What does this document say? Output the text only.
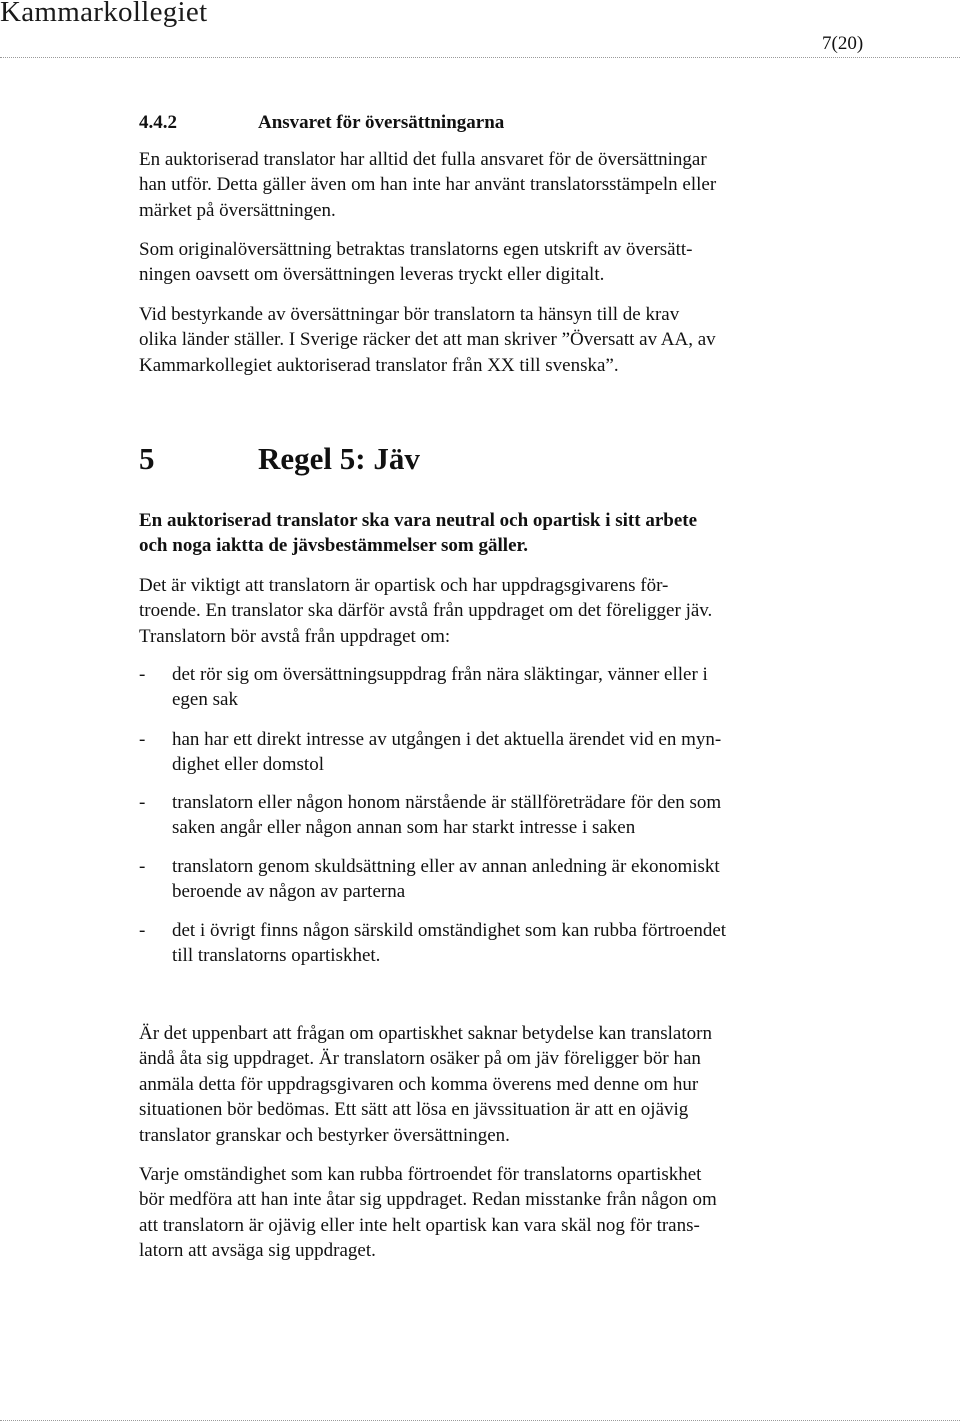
Kammarkollegiet
7(20)
4.4.2	Ansvaret för översättningarna

En auktoriserad translator har alltid det fulla ansvaret för de översättningar
han utför. Detta gäller även om han inte har använt translatorsstämpeln eller
märket på översättningen.

Som originalöversättning betraktas translatorns egen utskrift av översätt-
ningen oavsett om översättningen leveras tryckt eller digitalt.

Vid bestyrkande av översättningar bör translatorn ta hänsyn till de krav
olika länder ställer. I Sverige räcker det att man skriver ”Översatt av AA, av
Kammarkollegiet auktoriserad translator från XX till svenska”.

5	Regel 5: Jäv

En auktoriserad translator ska vara neutral och opartisk i sitt arbete
och noga iaktta de jävsbestämmelser som gäller.

Det är viktigt att translatorn är opartisk och har uppdragsgivarens för-
troende. En translator ska därför avstå från uppdraget om det föreligger jäv.
Translatorn bör avstå från uppdraget om:

- det rör sig om översättningsuppdrag från nära släktingar, vänner eller i
egen sak
- han har ett direkt intresse av utgången i det aktuella ärendet vid en myn-
dighet eller domstol
- translatorn eller någon honom närstående är ställföreträdare för den som
saken angår eller någon annan som har starkt intresse i saken
- translatorn genom skuldsättning eller av annan anledning är ekonomiskt
beroende av någon av parterna
- det i övrigt finns någon särskild omständighet som kan rubba förtroendet
till translatorns opartiskhet.

Är det uppenbart att frågan om opartiskhet saknar betydelse kan translatorn
ändå åta sig uppdraget. Är translatorn osäker på om jäv föreligger bör han
anmäla detta för uppdragsgivaren och komma överens med denne om hur
situationen bör bedömas. Ett sätt att lösa en jävssituation är att en ojävig
translator granskar och bestyrker översättningen.

Varje omständighet som kan rubba förtroendet för translatorns opartiskhet
bör medföra att han inte åtar sig uppdraget. Redan misstanke från någon om
att translatorn är ojävig eller inte helt opartisk kan vara skäl nog för trans-
latorn att avsäga sig uppdraget.
